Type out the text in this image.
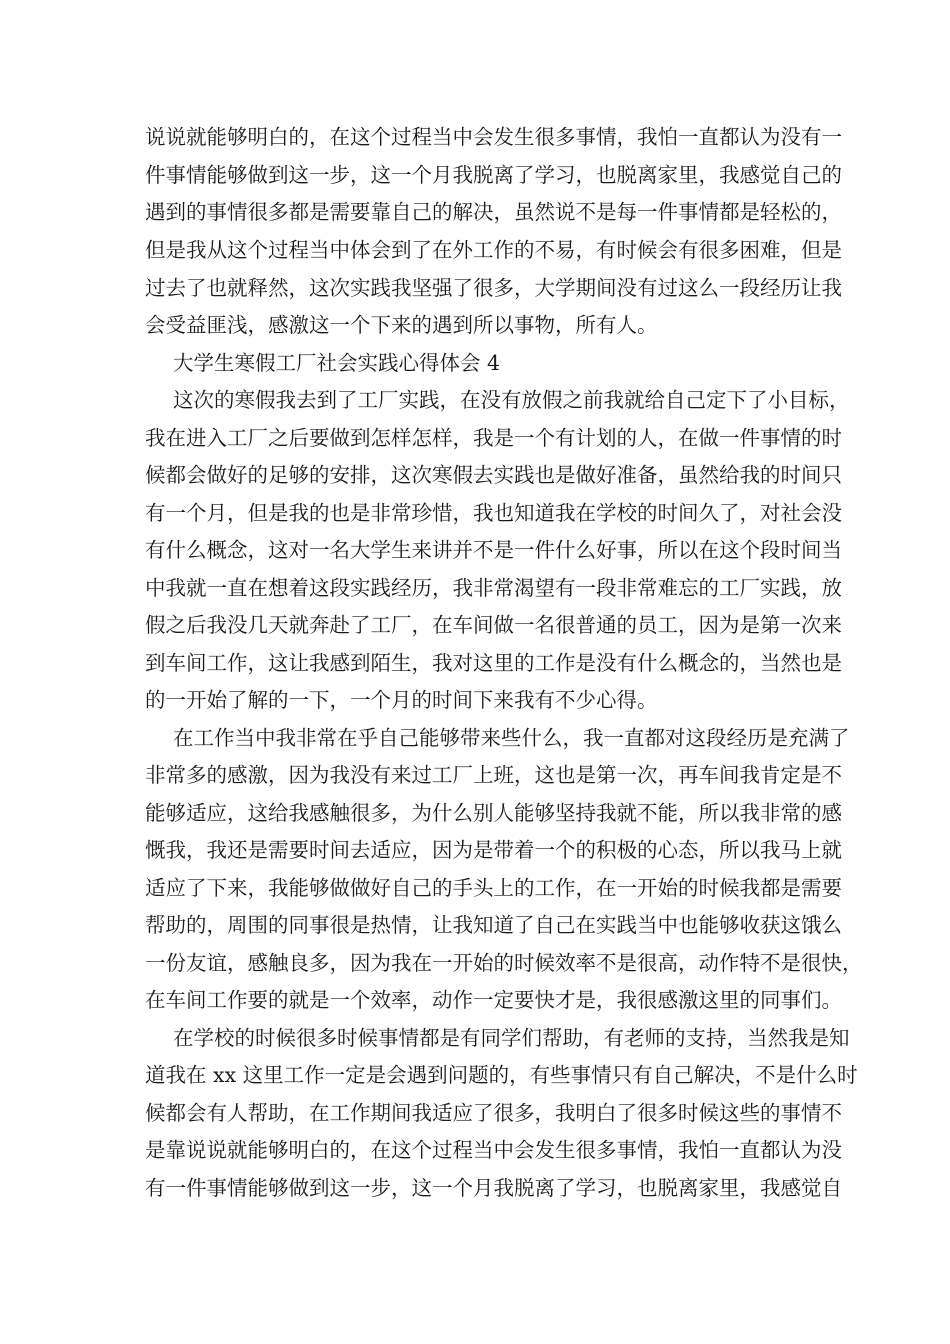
说说就能够明白的，在这个过程当中会发生很多事情，我怕一直都认为没有一
件事情能够做到这一步，这一个月我脱离了学习，也脱离家里，我感觉自己的
遇到的事情很多都是需要靠自己的解决，虽然说不是每一件事情都是轻松的，
但是我从这个过程当中体会到了在外工作的不易，有时候会有很多困难，但是
过去了也就释然，这次实践我坚强了很多，大学期间没有过这么一段经历让我
会受益匪浅，感激这一个下来的遇到所以事物，所有人。
大学生寒假工厂社会实践心得体会 4
这次的寒假我去到了工厂实践，在没有放假之前我就给自己定下了小目标，
我在进入工厂之后要做到怎样怎样，我是一个有计划的人，在做一件事情的时
候都会做好的足够的安排，这次寒假去实践也是做好准备，虽然给我的时间只
有一个月，但是我的也是非常珍惜，我也知道我在学校的时间久了，对社会没
有什么概念，这对一名大学生来讲并不是一件什么好事，所以在这个段时间当
中我就一直在想着这段实践经历，我非常渴望有一段非常难忘的工厂实践，放
假之后我没几天就奔赴了工厂，在车间做一名很普通的员工，因为是第一次来
到车间工作，这让我感到陌生，我对这里的工作是没有什么概念的，当然也是
的一开始了解的一下，一个月的时间下来我有不少心得。
在工作当中我非常在乎自己能够带来些什么，我一直都对这段经历是充满了
非常多的感激，因为我没有来过工厂上班，这也是第一次，再车间我肯定是不
能够适应，这给我感触很多，为什么别人能够坚持我就不能，所以我非常的感
慨我，我还是需要时间去适应，因为是带着一个的积极的心态，所以我马上就
适应了下来，我能够做做好自己的手头上的工作，在一开始的时候我都是需要
帮助的，周围的同事很是热情，让我知道了自己在实践当中也能够收获这饿么
一份友谊，感触良多，因为我在一开始的时候效率不是很高，动作特不是很快，
在车间工作要的就是一个效率，动作一定要快才是，我很感激这里的同事们。
在学校的时候很多时候事情都是有同学们帮助，有老师的支持，当然我是知
道我在 xx 这里工作一定是会遇到问题的，有些事情只有自己解决，不是什么时
候都会有人帮助，在工作期间我适应了很多，我明白了很多时候这些的事情不
是靠说说就能够明白的，在这个过程当中会发生很多事情，我怕一直都认为没
有一件事情能够做到这一步，这一个月我脱离了学习，也脱离家里，我感觉自
